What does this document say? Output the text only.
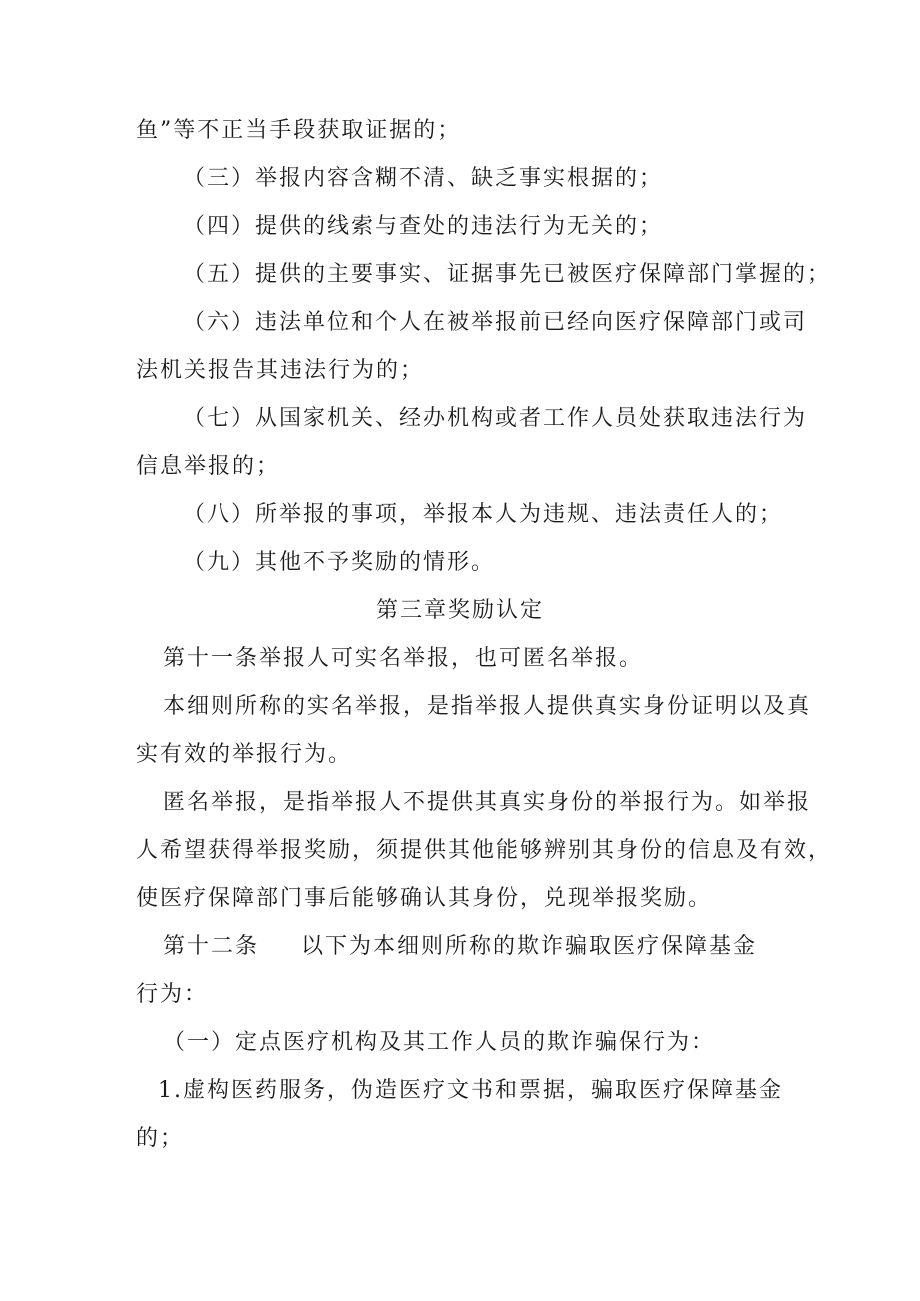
鱼”等不正当手段获取证据的；
（三）举报内容含糊不清、缺乏事实根据的；
（四）提供的线索与查处的违法行为无关的；
（五）提供的主要事实、证据事先已被医疗保障部门掌握的；
（六）违法单位和个人在被举报前已经向医疗保障部门或司
法机关报告其违法行为的；
（七）从国家机关、经办机构或者工作人员处获取违法行为
信息举报的；
（八）所举报的事项，举报本人为违规、违法责任人的；
（九）其他不予奖励的情形。
第三章奖励认定
第十一条举报人可实名举报，也可匿名举报。
本细则所称的实名举报，是指举报人提供真实身份证明以及真
实有效的举报行为。
匿名举报，是指举报人不提供其真实身份的举报行为。如举报
人希望获得举报奖励，须提供其他能够辨别其身份的信息及有效，
使医疗保障部门事后能够确认其身份，兑现举报奖励。
第十二条 以下为本细则所称的欺诈骗取医疗保障基金
行为：
（一）定点医疗机构及其工作人员的欺诈骗保行为：
1.虚构医药服务，伪造医疗文书和票据，骗取医疗保障基金
的；
